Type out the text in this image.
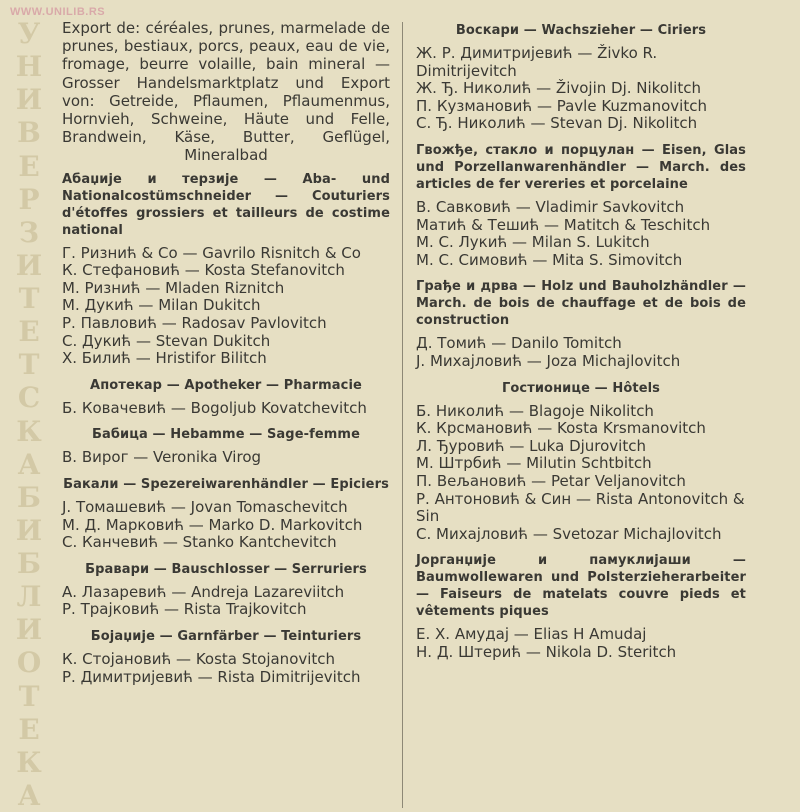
WWW.UNILIB.RS
У
Н
И
В
Е
Р
З
И
Т
Е
Т
С
К
А
Б
И
Б
Л
И
О
Т
Е
К
А
Export de: céréales, prunes, marmelade de prunes, bestiaux, porcs, peaux, eau de vie, fromage, beurre volaille, bain mineral — Grosser Handelsmarktplatz und Export von: Getreide, Pflaumen, Pflaumenmus, Hornvieh, Schweine, Häute und Felle, Brandwein, Käse, Butter, Geflügel, Mineralbad
Абаџије и терзије — Aba- und Nationalcostümschneider — Couturiers d'étoffes grossiers et tailleurs de costime national

Г. Ризнић & Co — Gavrilo Risnitch & Co

К. Стефановић — Kosta Stefanovitch

М. Ризнић — Mladen Riznitch

М. Дукић — Milan Dukitch

Р. Павловић — Radosav Pavlovitch

С. Дукић — Stevan Dukitch

Х. Билић — Hristifor Bilitch

Апотекар — Apotheker — Pharmacie

Б. Ковачевић — Bogoljub Kovatchevitch

Бабица — Hebamme — Sage-femme

В. Вирог — Veronika Virog

Бакали — Spezereiwarenhändler — Epiciers

J. Томашевић — Jovan Tomaschevitch

М. Д. Марковић — Marko D. Markovitch

С. Канчевић — Stanko Kantchevitch

Бравари — Bauschlosser — Serruriers

А. Лазаревић — Andreja Lazareviitch

Р. Трајковић — Rista Trajkovitch

Бојаџије — Garnfärber — Teinturiers

К. Стојановић — Kosta Stojanovitch

Р. Димитријевић — Rista Dimitrijevitch

Воскари — Wachszieher — Ciriers

Ж. Р. Димитријевић — Živko R. Dimitrijevitch

Ж. Ђ. Николић — Živojin Dj. Nikolitch

П. Кузмановић — Pavle Kuzmanovitch

С. Ђ. Николић — Stevan Dj. Nikolitch

Гвожђе, стакло и порцулан — Eisen, Glas und Porzellanwarenhändler — March. des articles de fer vereries et porcelaine

В. Савковић — Vladimir Savkovitch

Матић & Тешић — Matitch & Teschitch

М. С. Лукић — Milan S. Lukitch

М. С. Симовић — Mita S. Simovitch

Грађе и дрва — Holz und Bauholzhändler — March. de bois de chauffage et de bois de construction

Д. Томић — Danilo Tomitch

J. Михајловић — Joza Michajlovitch

Гостионице — Hôtels

Б. Николић — Blagoje Nikolitch

К. Крсмановић — Kosta Krsmanovitch

Л. Ђуровић — Luka Djurovitch

М. Штрбић — Milutin Schtbitch

П. Вељановић — Petar Veljanovitch

Р. Антоновић & Син — Rista Antonovitch & Sin

С. Михајловић — Svetozar Michajlovitch

Јорганџије и памуклијаши — Baumwollewaren und Polsterzieherarbeiter — Faiseurs de matelats couvre pieds et vêtements piques

Е. Х. Амудај — Elias H Amudaj

Н. Д. Штерић — Nikola D. Steritch
